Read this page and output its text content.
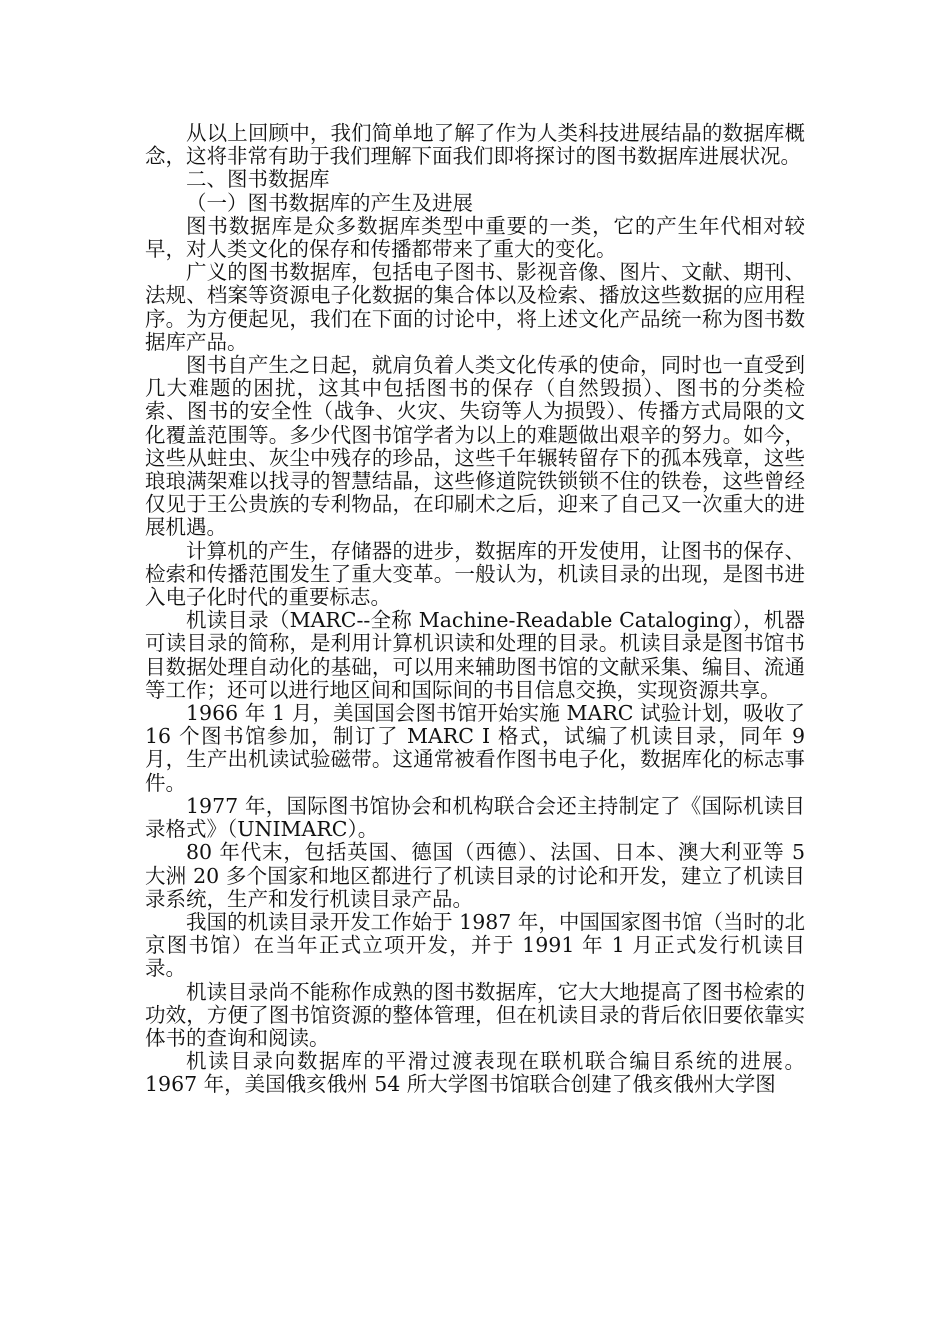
从以上回顾中，我们简单地了解了作为人类科技进展结晶的数据库概念，这将非常有助于我们理解下面我们即将探讨的图书数据库进展状况。

二、图书数据库

（一）图书数据库的产生及进展

图书数据库是众多数据库类型中重要的一类，它的产生年代相对较早，对人类文化的保存和传播都带来了重大的变化。

广义的图书数据库，包括电子图书、影视音像、图片、文献、期刊、法规、档案等资源电子化数据的集合体以及检索、播放这些数据的应用程序。为方便起见，我们在下面的讨论中，将上述文化产品统一称为图书数据库产品。

图书自产生之日起，就肩负着人类文化传承的使命，同时也一直受到几大难题的困扰，这其中包括图书的保存（自然毁损）、图书的分类检索、图书的安全性（战争、火灾、失窃等人为损毁）、传播方式局限的文化覆盖范围等。多少代图书馆学者为以上的难题做出艰辛的努力。如今，这些从蛀虫、灰尘中残存的珍品，这些千年辗转留存下的孤本残章，这些琅琅满架难以找寻的智慧结晶，这些修道院铁锁锁不住的铁卷，这些曾经仅见于王公贵族的专利物品，在印刷术之后，迎来了自己又一次重大的进展机遇。

计算机的产生，存储器的进步，数据库的开发使用，让图书的保存、检索和传播范围发生了重大变革。一般认为，机读目录的出现，是图书进入电子化时代的重要标志。

机读目录（MARC--全称 Machine-Readable Cataloging），机器可读目录的简称，是利用计算机识读和处理的目录。机读目录是图书馆书目数据处理自动化的基础，可以用来辅助图书馆的文献采集、编目、流通等工作；还可以进行地区间和国际间的书目信息交换，实现资源共享。

1966 年 1 月，美国国会图书馆开始实施 MARC 试验计划，吸收了 16 个图书馆参加，制订了 MARC I 格式，试编了机读目录，同年 9 月，生产出机读试验磁带。这通常被看作图书电子化，数据库化的标志事件。

1977 年，国际图书馆协会和机构联合会还主持制定了《国际机读目录格式》（UNIMARC）。

80 年代末，包括英国、德国（西德）、法国、日本、澳大利亚等 5 大洲 20 多个国家和地区都进行了机读目录的讨论和开发，建立了机读目录系统，生产和发行机读目录产品。

我国的机读目录开发工作始于 1987 年，中国国家图书馆（当时的北京图书馆）在当年正式立项开发，并于 1991 年 1 月正式发行机读目录。

机读目录尚不能称作成熟的图书数据库，它大大地提高了图书检索的功效，方便了图书馆资源的整体管理，但在机读目录的背后依旧要依靠实体书的查询和阅读。

机读目录向数据库的平滑过渡表现在联机联合编目系统的进展。1967 年，美国俄亥俄州 54 所大学图书馆联合创建了俄亥俄州大学图
